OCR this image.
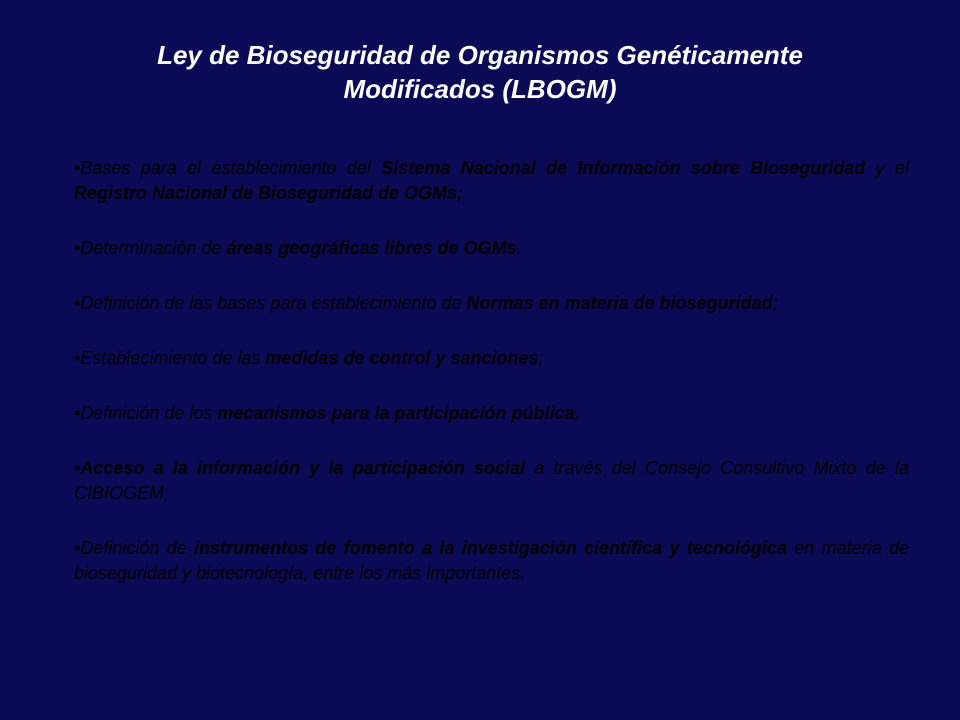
Ley de Bioseguridad de Organismos Genéticamente
Modificados (LBOGM)
•Bases para el establecimiento del Sistema Nacional de Información sobre Bioseguridad y el Registro Nacional de Bioseguridad de OGMs;
•Determinación de áreas geográficas libres de OGMs.
•Definición de las bases para establecimiento de Normas en materia de bioseguridad;
•Establecimiento de las medidas de control y sanciones;
•Definición de los mecanismos para la participación pública,
•Acceso a la información y la participación social a través del Consejo Consultivo Mixto de la CIBIOGEM;
•Definición de instrumentos de fomento a la investigación científica y tecnológica en materia de bioseguridad y biotecnología, entre los más importantes.
